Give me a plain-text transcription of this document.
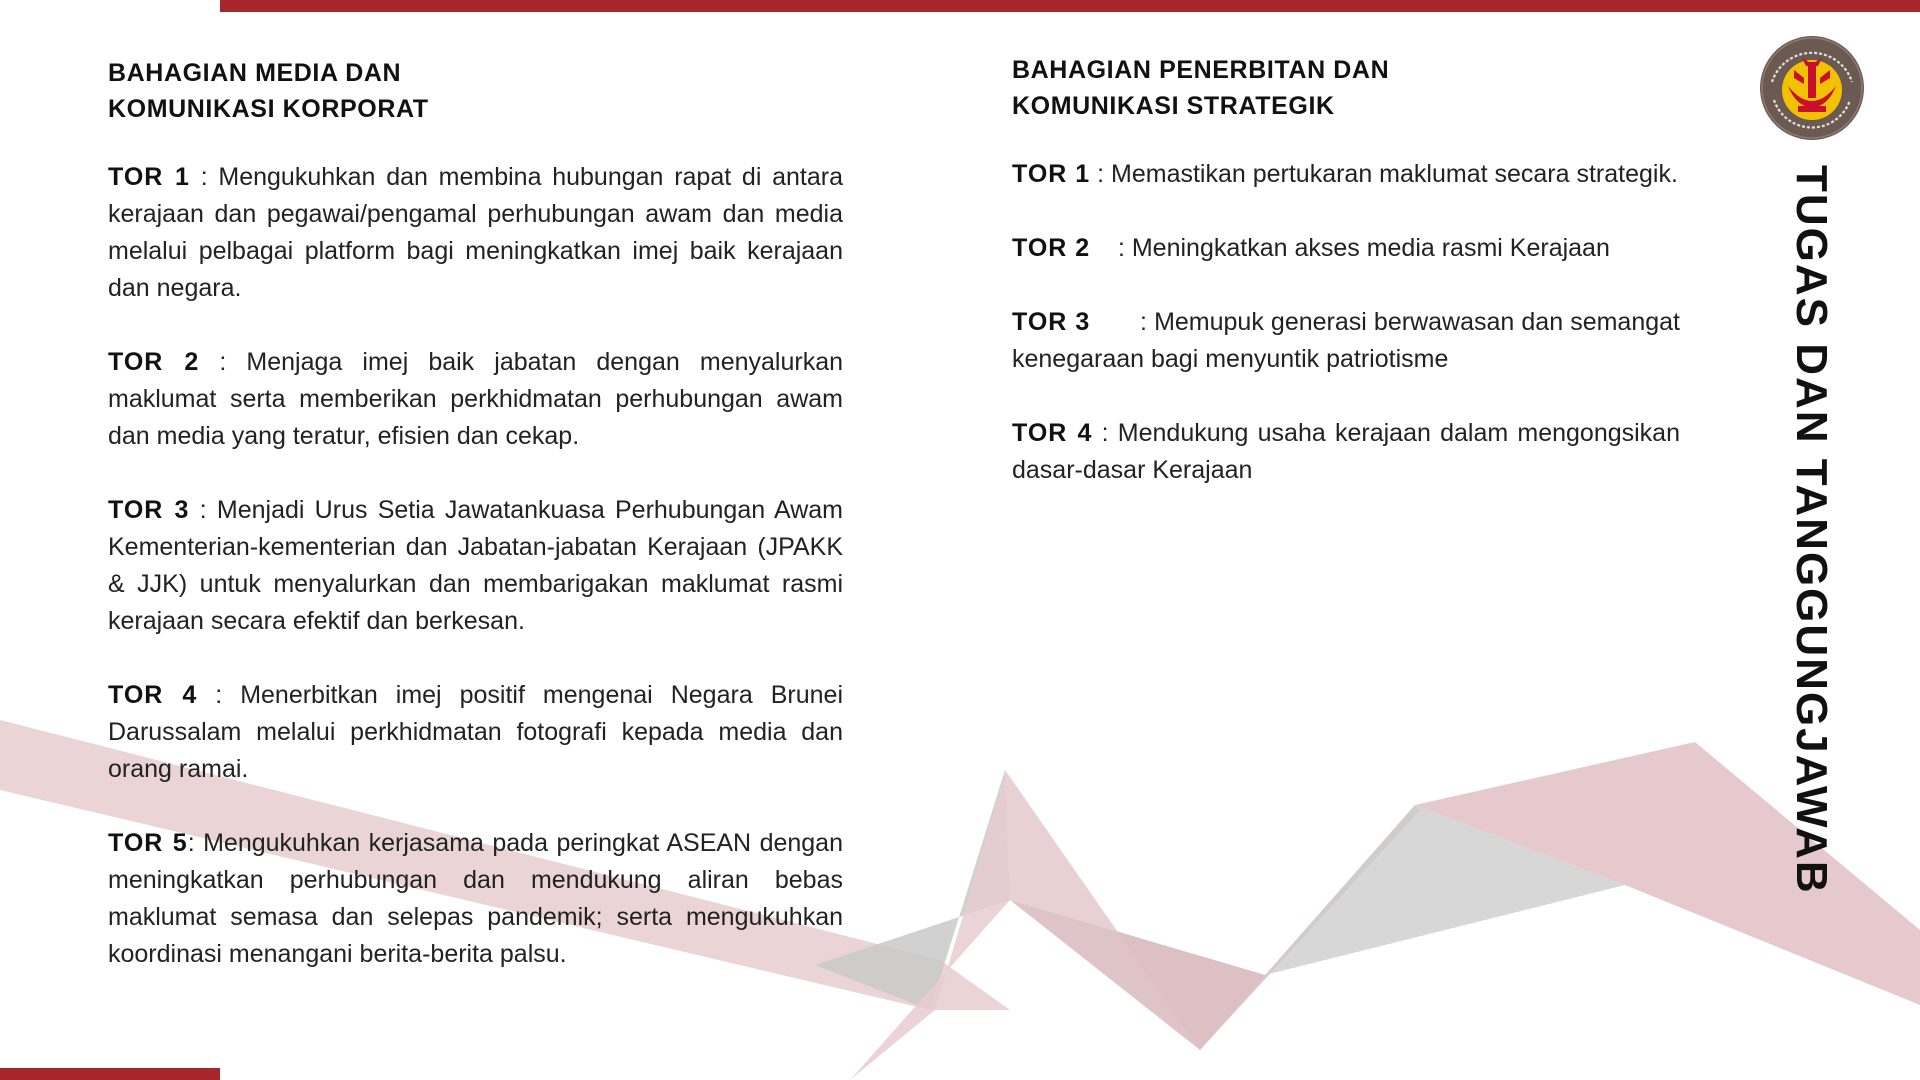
BAHAGIAN MEDIA DAN
KOMUNIKASI KORPORAT
TOR 1 : Mengukuhkan dan membina hubungan rapat di antara kerajaan dan pegawai/pengamal perhubungan awam dan media melalui pelbagai platform bagi meningkatkan imej baik kerajaan dan negara.
TOR 2 : Menjaga imej baik jabatan dengan menyalurkan maklumat serta memberikan perkhidmatan perhubungan awam dan media yang teratur, efisien dan cekap.
TOR 3 : Menjadi Urus Setia Jawatankuasa Perhubungan Awam Kementerian-kementerian dan Jabatan-jabatan Kerajaan (JPAKK & JJK) untuk menyalurkan dan membarigakan maklumat rasmi kerajaan secara efektif dan berkesan.
TOR 4 : Menerbitkan imej positif mengenai Negara Brunei Darussalam melalui perkhidmatan fotografi kepada media dan orang ramai.
TOR 5: Mengukuhkan kerjasama pada peringkat ASEAN dengan meningkatkan perhubungan dan mendukung aliran bebas maklumat semasa dan selepas pandemik; serta mengukuhkan koordinasi menangani berita-berita palsu.
BAHAGIAN PENERBITAN DAN
KOMUNIKASI STRATEGIK
TOR 1 : Memastikan pertukaran maklumat secara strategik.
TOR 2    : Meningkatkan akses media rasmi Kerajaan
TOR 3       : Memupuk generasi berwawasan dan semangat kenegaraan bagi menyuntik patriotisme
TOR 4 : Mendukung usaha kerajaan dalam mengongsikan dasar-dasar Kerajaan	TUGAS DAN TANGGUNGJAWAB
